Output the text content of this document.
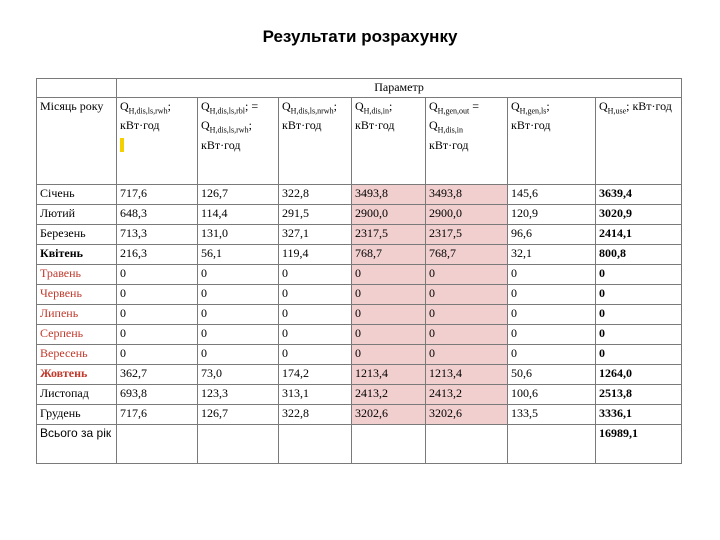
Результати розрахунку
	Параметр						
Місяць року	$Q_{H,dis,ls,rwh}$; кВт·год	$Q_{H,dis,ls,rbl}$; = $Q_{H,dis,ls,rwh}$; кВт·год	$Q_{H,dis,ls,nrwh}$; кВт·год	$Q_{H,dis,in}$; кВт·год	$Q_{H,gen,out} = Q_{H,dis,in}$ кВт·год	$Q_{H,gen,ls}$; кВт·год	$Q_{H,use}$; кВт·год
Січень	717,6	126,7	322,8	3493,8	3493,8	145,6	3639,4
Лютий	648,3	114,4	291,5	2900,0	2900,0	120,9	3020,9
Березень	713,3	131,0	327,1	2317,5	2317,5	96,6	2414,1
Квітень	216,3	56,1	119,4	768,7	768,7	32,1	800,8
Травень	0	0	0	0	0	0	0
Червень	0	0	0	0	0	0	0
Липень	0	0	0	0	0	0	0
Серпень	0	0	0	0	0	0	0
Вересень	0	0	0	0	0	0	0
Жовтень	362,7	73,0	174,2	1213,4	1213,4	50,6	1264,0
Листопад	693,8	123,3	313,1	2413,2	2413,2	100,6	2513,8
Грудень	717,6	126,7	322,8	3202,6	3202,6	133,5	3336,1
Всього за рік							16989,1
